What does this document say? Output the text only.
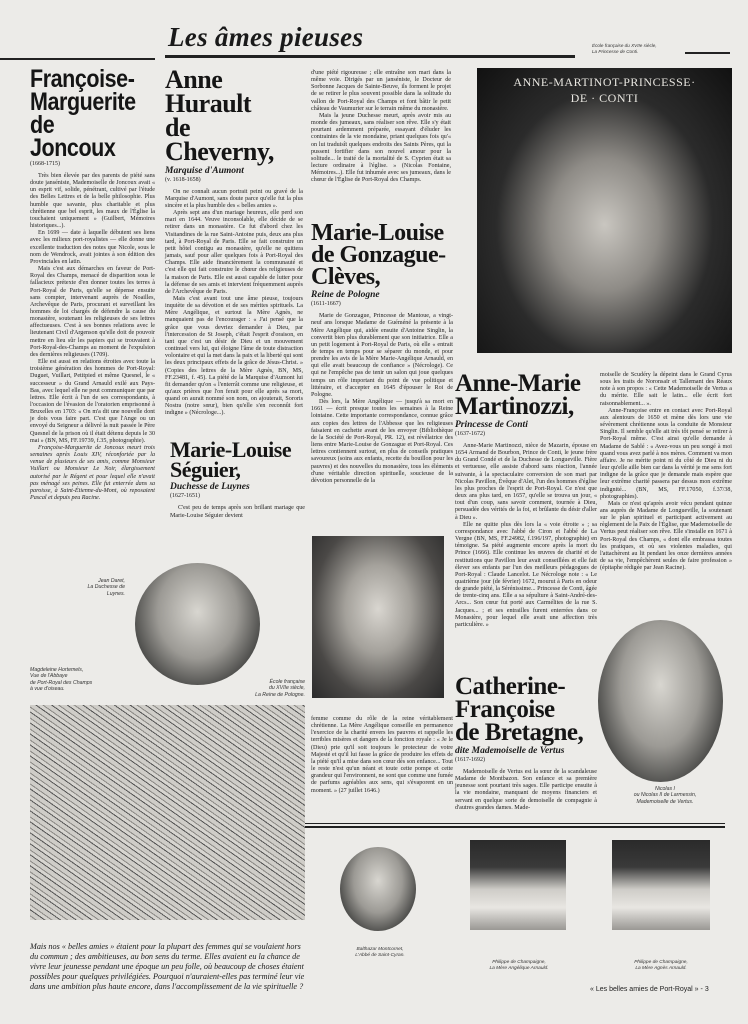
Les âmes pieuses	École française du XVIIe siècle,
La Princesse de Conti.
ANNE-MARTINOT-PRINCESSE·
DE · CONTI
Françoise-
Marguerite
de Joncoux
(1668-1715)

Très bien élevée par des parents de piété sans doute janséniste, Mademoiselle de Joncoux avait « un esprit vif, solide, pénétrant, cultivé par l'étude des Belles Lettres et de la belle philosophie. Plus humble que savante, plus charitable et plus chrétienne que bel esprit, les maux de l'Église la touchaient uniquement » (Guilbert, Mémoires historiques...).

En 1699 — date à laquelle débutent ses liens avec les milieux port-royalistes — elle donne une excellente traduction des notes que Nicole, sous le nom de Wendrock, avait jointes à son édition des Provinciales en latin.

Mais c'est aux démarches en faveur de Port-Royal des Champs, menacé de disparition sous le fallacieux prétexte d'en donner toutes les terres à Port-Royal de Paris, qu'elle se dépense ensuite sans compter, intervenant auprès de Noailles, Archevêque de Paris, procurant et surveillant les hommes de loi chargés de défendre la cause du monastère, soutenant les religieuses de ses lettres affectueuses. C'est à ses bonnes relations avec le lieutenant Civil d'Argenson qu'elle doit de pouvoir mettre en lieu sûr les papiers qui se trouvaient à Port-Royal-des-Champs au moment de l'expulsion des dernières religieuses (1709).

Elle est aussi en relations étroites avec toute la troisième génération des hommes de Port-Royal: Duguet, Vuillart, Petitpied et même Quesnel, le « successeur » du Grand Arnauld exilé aux Pays-Bas, avec lequel elle ne peut communiquer que par lettres. Elle écrit à l'un de ses correspondants, à l'occasion de l'évasion de l'oratorien emprisonné à Bruxelles en 1703: « On m'a dit une nouvelle dont je dois vous faire part. C'est que l'Ange ou un envoyé du Seigneur a délivré la nuit passée le Père Quesnel de la prison où il était détenu depuis le 30 mai » (BN, MS, FF.19739, f.35, photographie).

Françoise-Marguerite de Joncoux meurt trois semaines après Louis XIV, réconfortée par la venue de plusieurs de ses amis, comme Monsieur Vuillart ou Monsieur Le Noir, élargissement autorisé par le Régent et pour lequel elle n'avait pas ménagé ses peines. Elle fut enterrée dans sa paroisse, à Saint-Étienne-du-Mont, où reposaient Pascal et depuis peu Racine.

Anne
Hurault
de Cheverny,
Marquise d'Aumont
(v. 1618-1658)

On ne connaît aucun portrait peint ou gravé de la Marquise d'Aumont, sans doute parce qu'elle fut la plus sincère et la plus humble des « belles amies ».

Après sept ans d'un mariage heureux, elle perd son mari en 1644. Veuve inconsolable, elle décide de se retirer dans un monastère. Ce fut d'abord chez les Visitandines de la rue Saint-Antoine puis, deux ans plus tard, à Port-Royal de Paris. Elle se fait construire un petit hôtel contigu au monastère, qu'elle ne quittera jamais, sauf pour aller quelques fois à Port-Royal des Champs. Elle aide financièrement la communauté et c'est elle qui fait construire le chœur des religieuses de la maison de Paris. Elle est aussi capable de lutter pour la défense de ses amis et intervient fréquemment auprès de l'Archevêque de Paris.

Mais c'est avant tout une âme pieuse, toujours inquiète de sa dévotion et de ses mérites spirituels. La Mère Angélique, et surtout la Mère Agnès, ne manquaient pas de l'encourager : « J'ai pensé que la grâce que vous devriez demander à Dieu, par l'intercession de St Joseph, c'était l'esprit d'oraison, en tant que c'est un désir de Dieu et un mouvement continuel vers lui, qui éloigne l'âme de toute distraction volontaire et qui la met dans la paix et la liberté qui sont les deux principaux effets de la grâce de Jésus-Christ. » (Copies des lettres de la Mère Agnès, BN, MS, FF.23481, f. 45). La piété de la Marquise d'Aumont lui fit demander qu'on « l'enterrât comme une religieuse, et qu'aux prières que l'on ferait pour elle après sa mort, quand on aurait nommé son nom, on ajouterait, Sororis Nostra (notre sœur), bien qu'elle s'en reconnût fort indigne » (Nécrologe...).

Marie-Louise
Séguier,
Duchesse de Luynes
(1627-1651)

C'est peu de temps après son brillant mariage que Marie-Louise Séguier devient

d'une piété rigoureuse ; elle entraîne son mari dans la même voie. Dirigés par un janséniste, le Docteur de Sorbonne Jacques de Sainte-Beuve, ils forment le projet de se retirer le plus souvent possible dans la solitude du vallon de Port-Royal des Champs et font bâtir le petit château de Vaumurier sur le terrain même du monastère.

Mais la jeune Duchesse meurt, après avoir mis au monde des jumeaux, sans réaliser son rêve. Elle s'y était pourtant ardemment préparée, essayant d'éluder les contraintes de la vie mondaine, priant quelques fois qu'« on lui traduisît quelques endroits des Saints Pères, qui la pussent fortifier dans son nouvel amour pour la solitude... le traité de la mortalité de S. Cyprien était sa lecture ordinaire à l'église. » (Nicolas Fontaine, Mémoires...). Elle fut inhumée avec ses jumeaux, dans le chœur de l'Église de Port-Royal des Champs.

Marie-Louise
de Gonzague-
Clèves,
Reine de Pologne
(1611-1667)

Marie de Gonzague, Princesse de Mantoue, a vingt-neuf ans lorsque Madame de Guéméné la présente à la Mère Angélique qui, aidée ensuite d'Antoine Singlin, la convertit bien plus durablement que son initiatrice. Elle a un petit logement à Port-Royal de Paris, où elle « entrait de temps en temps pour se séparer du monde, et pour prendre les avis de la Mère Marie-Angélique Arnauld, en qui elle avait beaucoup de confiance » (Nécrologe). Ce qui ne l'empêche pas de tenir un salon qui joue quelques temps un rôle important du point de vue politique et littéraire, et d'accepter en 1645 d'épouser le Roi de Pologne.

Dès lors, la Mère Angélique — jusqu'à sa mort en 1661 — écrit presque toutes les semaines à la Reine lointaine. Cette importante correspondance, connue grâce aux copies des lettres de l'Abbesse que les religieuses faisaient en cachette avant de les envoyer (Bibliothèque de la Société de Port-Royal, PR. 12), est révélatrice des liens entre Marie-Louise de Gonzague et Port-Royal. Ces lettres contiennent surtout, en plus de conseils pratiques savoureux (soins aux enfants, recette du bouillon pour les pauvres) et des nouvelles du monastère, tous les éléments d'une véritable direction spirituelle, soucieuse de la dévotion personnelle de la

femme comme du rôle de la reine véritablement chrétienne. La Mère Angélique conseille en permanence l'exercice de la charité envers les pauvres et rappelle les terribles misères et dangers de la fonction royale : « Je le (Dieu) prie qu'il soit toujours le protecteur de votre Majesté et qu'il lui fasse la grâce de produire les effets de la piété qu'il a mise dans son cœur dès son enfance... Tout le reste n'est qu'un néant et toute cette pompe et cette grandeur qui l'environnent, ne sont que comme une fumée de parfums agréables aux sens, qui s'évaporent en un moment. » (27 juillet 1646.)

Anne-Marie
Martinozzi,
Princesse de Conti
(1637-1672)

Anne-Marie Martinozzi, nièce de Mazarin, épouse en 1654 Armand de Bourbon, Prince de Conti, le jeune frère du Grand Condé et de la Duchesse de Longueville. Fière et vertueuse, elle assiste d'abord sans réaction, l'année suivante, à la spectaculaire conversion de son mari par Nicolas Pavillon, Évêque d'Alet, l'un des hommes d'église les plus proches de l'esprit de Port-Royal. Ce n'est que deux ans plus tard, en 1657, qu'elle se trouva un jour, « tout d'un coup, sans savoir comment, tournée à Dieu, persuadée des vérités de la foi, et brûlante du désir d'aller à Dieu ».

Elle ne quitte plus dès lors la « voie étroite » ; sa correspondance avec l'abbé de Ciron et l'abbé de La Vergne (BN, MS, FF.24982, f.196/197, photographie) en témoigne. Sa piété augmente encore après la mort du Prince (1666). Elle continue les œuvres de charité et de restitutions que Pavillon leur avait conseillées et elle fait élever ses enfants par l'un des meilleurs pédagogues de Port-Royal : Claude Lancelot. Le Nécrologe note : « Le quatrième jour (de février) 1672, mourut à Paris en odeur de grande piété, la Sérénissime... Princesse de Conti, âgée de trente-cinq ans. Elle a sa sépulture à Saint-André-des-Arcs... Son cœur fut porté aux Carmélites de la rue S. Jacques... ; et ses entrailles furent enterrées dans ce Monastère, pour lequel elle avait une affection très particulière. »

Catherine-
Françoise
de Bretagne,
dite Mademoiselle de Vertus
(1617-1692)

Mademoiselle de Vertus est la sœur de la scandaleuse Madame de Montbazon. Son enfance et sa première jeunesse sont pourtant très sages. Elle participe ensuite à la vie mondaine, manquant de moyens financiers et servant en quelque sorte de demoiselle de compagnie à d'autres grandes dames. Made-

moiselle de Scudéry la dépeint dans le Grand Cyrus sous les traits de Noronsaïr et Tallemant des Réaux note à son propos : « Cette Mademoiselle de Vertus a du mérite. Elle sait le latin... elle écrit fort raisonnablement... ».

Anne-Françoise entre en contact avec Port-Royal aux alentours de 1650 et mène dès lors une vie sévèrement chrétienne sous la conduite de Monsieur Singlin. Il semble qu'elle ait très tôt pensé se retirer à Port-Royal même. C'est ainsi qu'elle demande à Madame de Sablé : « Avez-vous un peu songé à moi quand vous avez parlé à nos mères. Comment va mon affaire. Je ne mérite point ni du côté de Dieu ni du leur qu'elle aille bien car dans la vérité je me sens fort indigne de la grâce que je demande mais espère que leur extrême charité passera par dessus mon extrême indignité... (BN, MS, FF.17050, f.37/38, photographies).

Mais ce n'est qu'après avoir vécu pendant quinze ans auprès de Madame de Longueville, la soutenant sur le plan spirituel et participant activement au règlement de la Paix de l'Église, que Mademoiselle de Vertus peut réaliser son rêve. Elle s'installe en 1671 à Port-Royal des Champs, « dont elle embrassa toutes les pratiques, et où ses violentes maladies, qui l'attachèrent au lit pendant les onze dernières années de sa vie, l'empêchèrent seules de faire profession » (épitaphe rédigée par Jean Racine).

Jean Daret,
La Duchesse de Luynes.
Magdeleine Hortemels,
Vue de l'Abbaye
de Port-Royal des Champs
à vue d'oiseau.
École française
du XVIIe siècle,
La Reine de Pologne.
Nicolas I
ou Nicolas II de Larmessin,
Mademoiselle de Vertus.
Balthazar Montcornet,
L'Abbé de Saint-Cyran.
Philippe de Champaigne,
La Mère Angélique Arnauld.
Philippe de Champaigne,
La Mère Agnès Arnauld.
Mais nos « belles amies » étaient pour la plupart des femmes qui se voulaient hors du commun ; des ambitieuses, au bon sens du terme. Elles avaient eu la chance de vivre leur jeunesse pendant une époque un peu folle, où beaucoup de choses étaient possibles pour quelques privilégiées. Pourquoi n'auraient-elles pas terminé leur vie dans une ambition plus haute encore, dans l'accomplissement de la vie spirituelle ?	« Les belles amies de Port-Royal » - 3
